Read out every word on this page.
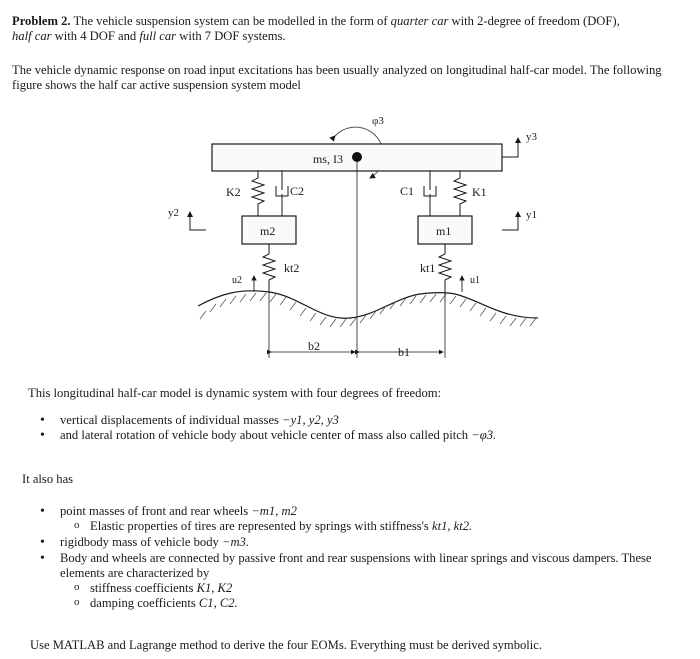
Problem 2. The vehicle suspension system can be modelled in the form of quarter car with 2-degree of freedom (DOF),
half car with 4 DOF and full car with 7 DOF systems.
The vehicle dynamic response on road input excitations has been usually analyzed on longitudinal half-car model. The following figure shows the half car active suspension system model
φ3
ms, I3
y3
K2	C2	C1	K1
y2	y1
m2	m1
kt2
u2
kt1
u1
b2	b1
This longitudinal half-car model is dynamic system with four degrees of freedom:
• vertical displacements of individual masses −y1, y2, y3
• and lateral rotation of vehicle body about vehicle center of mass also called pitch −φ3.
It also has
• point masses of front and rear wheels −m1, m2
o Elastic properties of tires are represented by springs with stiffness's kt1, kt2.
• rigidbody mass of vehicle body −m3.
• Body and wheels are connected by passive front and rear suspensions with linear springs and viscous dampers. These elements are characterized by
o stiffness coefficients K1, K2
o damping coefficients C1, C2.
Use MATLAB and Lagrange method to derive the four EOMs. Everything must be derived symbolic.
